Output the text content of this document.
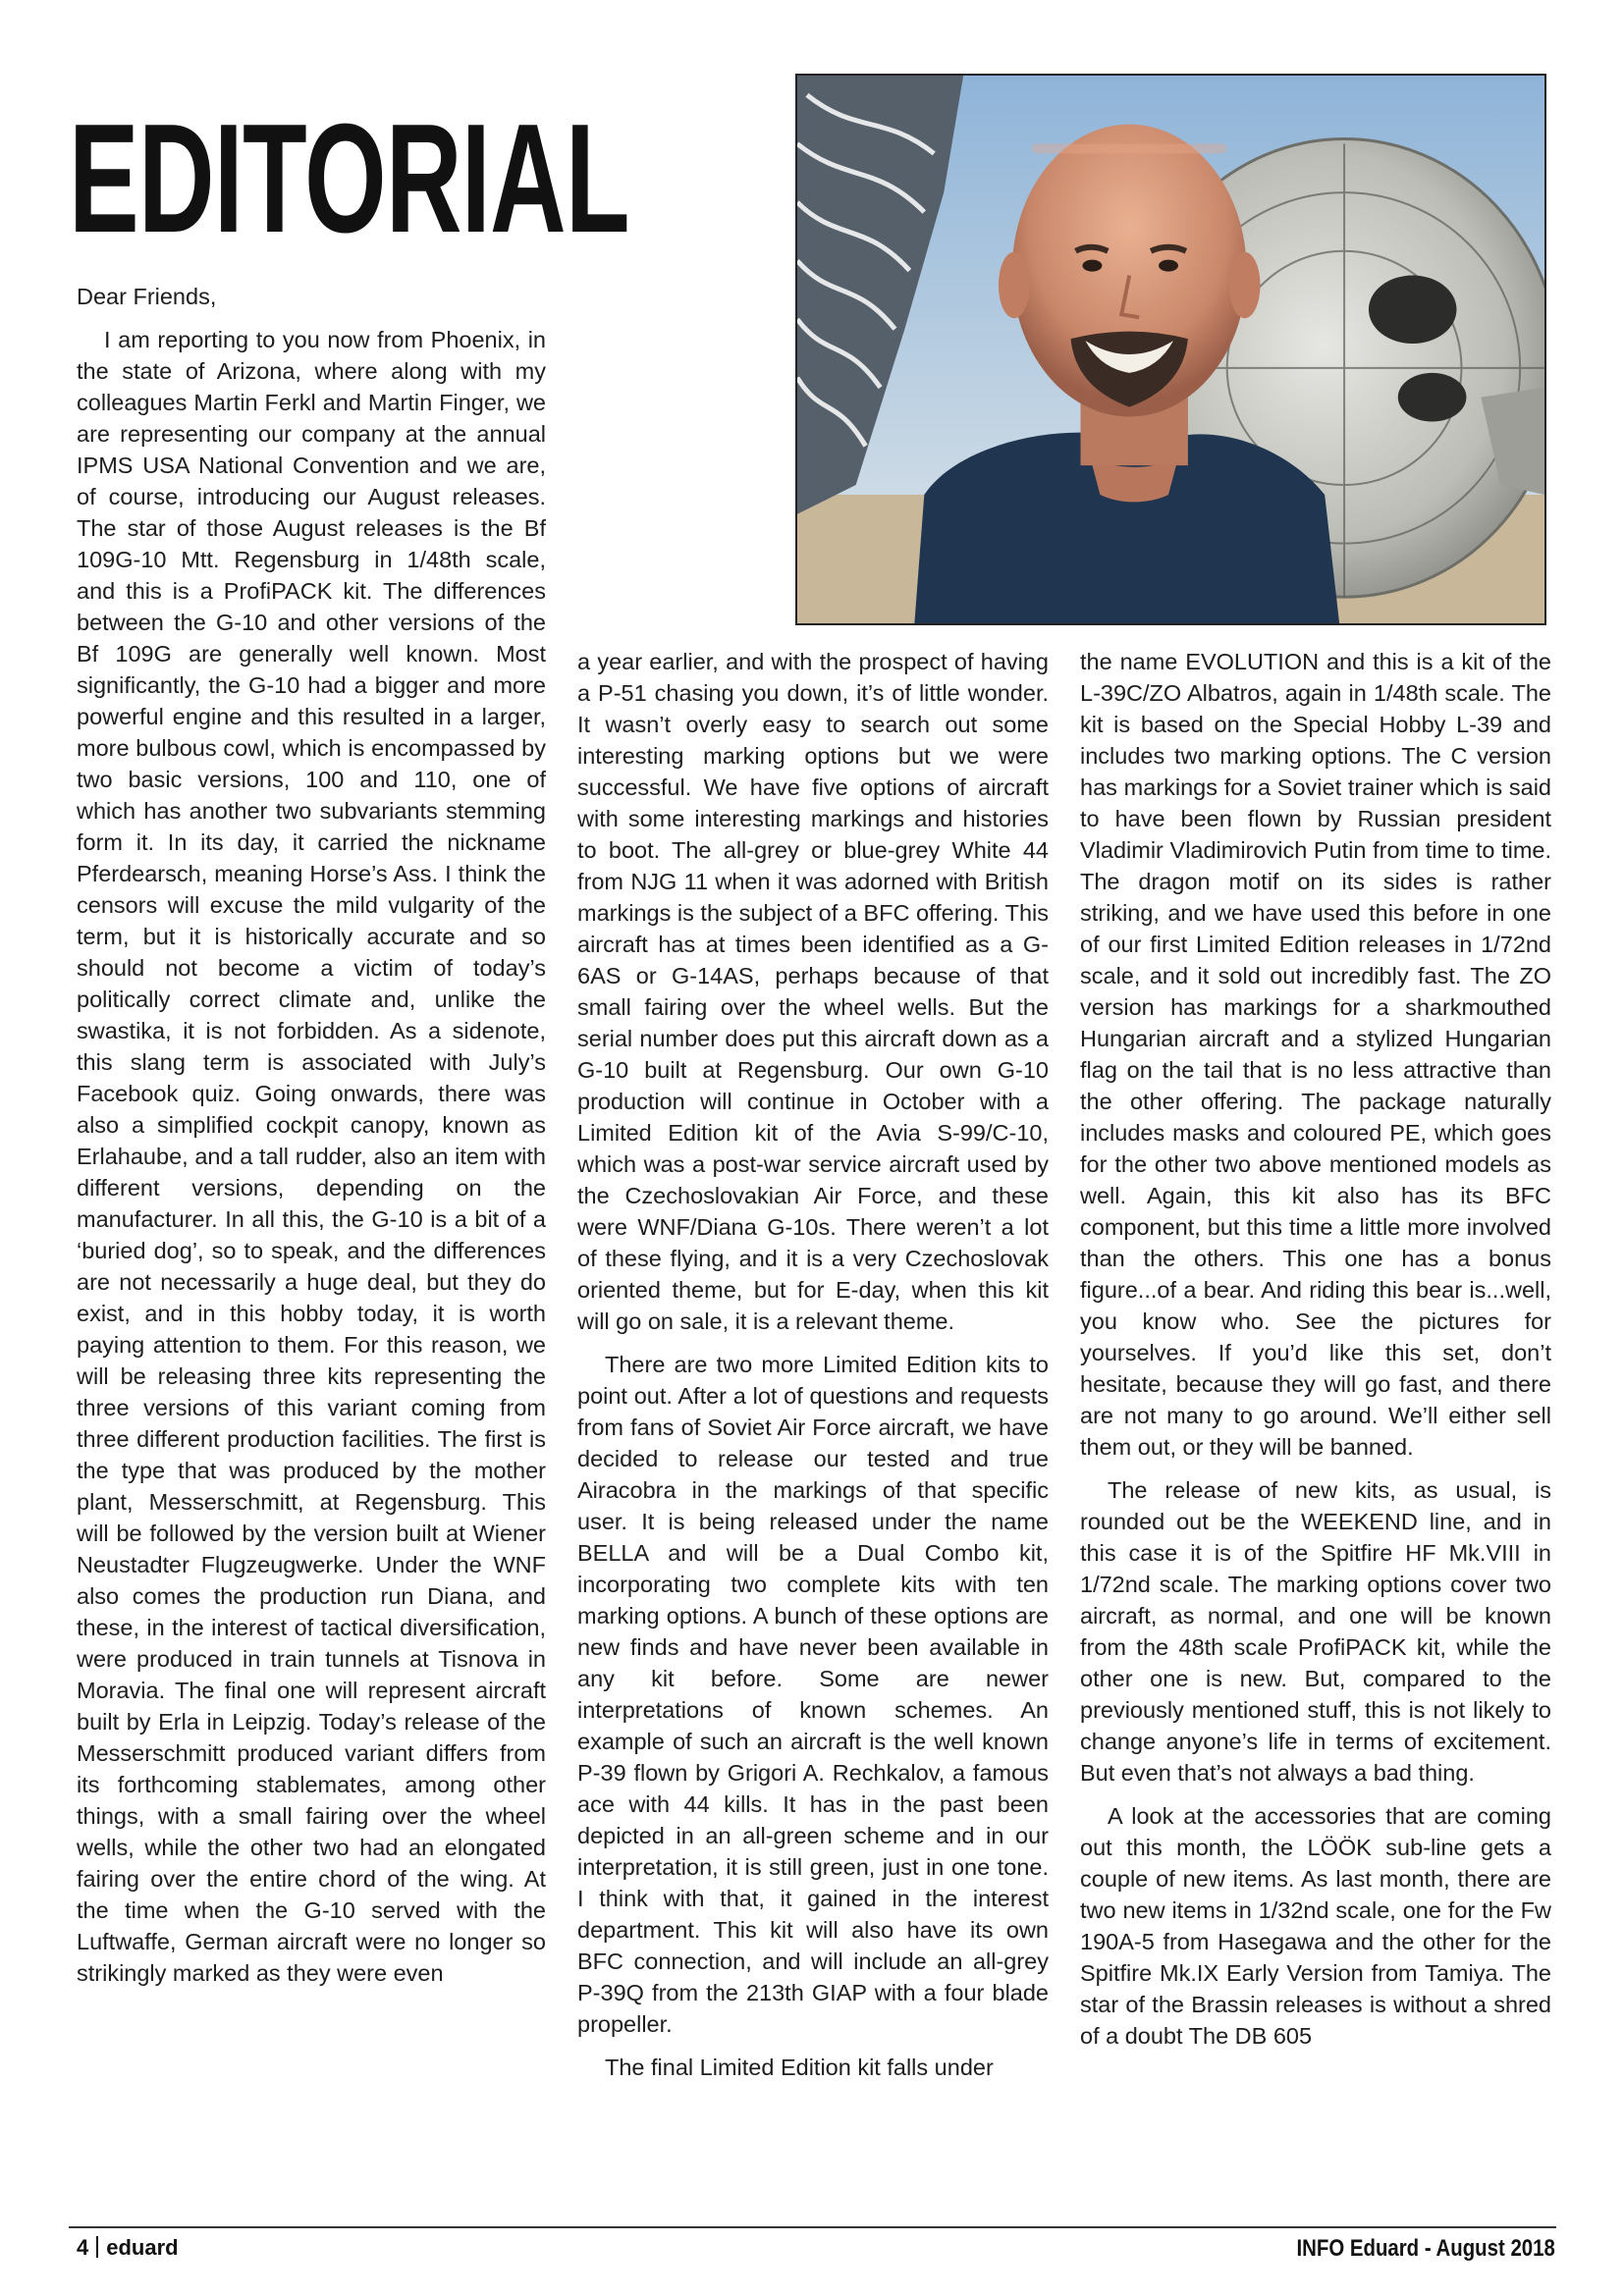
EDITORIAL

Dear Friends,

I am reporting to you now from Phoenix, in the state of Arizona, where along with my colleagues Martin Ferkl and Martin Finger, we are representing our company at the annual IPMS USA National Convention and we are, of course, introducing our August releases. The star of those August releases is the Bf 109G-10 Mtt. Regensburg in 1/48th scale, and this is a ProfiPACK kit. The differences between the G-10 and other versions of the Bf 109G are generally well known. Most significantly, the G-10 had a bigger and more powerful engine and this resulted in a larger, more bulbous cowl, which is encompassed by two basic versions, 100 and 110, one of which has another two subvariants stemming form it. In its day, it carried the nickname Pferdearsch, meaning Horse’s Ass. I think the censors will excuse the mild vulgarity of the term, but it is historically accurate and so should not become a victim of today’s politically correct climate and, unlike the swastika, it is not forbidden. As a sidenote, this slang term is associated with July’s Facebook quiz. Going onwards, there was also a simplified cockpit canopy, known as Erlahaube, and a tall rudder, also an item with different versions, depending on the manufacturer. In all this, the G-10 is a bit of a ‘buried dog’, so to speak, and the differences are not necessarily a huge deal, but they do exist, and in this hobby today, it is worth paying attention to them. For this reason, we will be releasing three kits representing the three versions of this variant coming from three different production facilities. The first is the type that was produced by the mother plant, Messerschmitt, at Regensburg. This will be followed by the version built at Wiener Neustadter Flugzeugwerke. Under the WNF also comes the production run Diana, and these, in the interest of tactical diversification, were produced in train tunnels at Tisnova in Moravia. The final one will represent aircraft built by Erla in Leipzig. Today’s release of the Messerschmitt produced variant differs from its forthcoming stablemates, among other things, with a small fairing over the wheel wells, while the other two had an elongated fairing over the entire chord of the wing. At the time when the G-10 served with the Luftwaffe, German aircraft were no longer so strikingly marked as they were even

a year earlier, and with the prospect of having a P-51 chasing you down, it’s of little wonder. It wasn’t overly easy to search out some interesting marking options but we were successful. We have five options of aircraft with some interesting markings and histories to boot. The all-grey or blue-grey White 44 from NJG 11 when it was adorned with British markings is the subject of a BFC offering. This aircraft has at times been identified as a G-6AS or G-14AS, perhaps because of that small fairing over the wheel wells. But the serial number does put this aircraft down as a G-10 built at Regensburg. Our own G-10 production will continue in October with a Limited Edition kit of the Avia S-99/C-10, which was a post-war service aircraft used by the Czechoslovakian Air Force, and these were WNF/Diana G-10s. There weren’t a lot of these flying, and it is a very Czechoslovak oriented theme, but for E-day, when this kit will go on sale, it is a relevant theme.

There are two more Limited Edition kits to point out. After a lot of questions and requests from fans of Soviet Air Force aircraft, we have decided to release our tested and true Airacobra in the markings of that specific user. It is being released under the name BELLA and will be a Dual Combo kit, incorporating two complete kits with ten marking options. A bunch of these options are new finds and have never been available in any kit before. Some are newer interpretations of known schemes. An example of such an aircraft is the well known P-39 flown by Grigori A. Rechkalov, a famous ace with 44 kills. It has in the past been depicted in an all-green scheme and in our interpretation, it is still green, just in one tone. I think with that, it gained in the interest department. This kit will also have its own BFC connection, and will include an all-grey P-39Q from the 213th GIAP with a four blade propeller.

The final Limited Edition kit falls under

the name EVOLUTION and this is a kit of the L-39C/ZO Albatros, again in 1/48th scale. The kit is based on the Special Hobby L-39 and includes two marking options. The C version has markings for a Soviet trainer which is said to have been flown by Russian president Vladimir Vladimirovich Putin from time to time. The dragon motif on its sides is rather striking, and we have used this before in one of our first Limited Edition releases in 1/72nd scale, and it sold out incredibly fast. The ZO version has markings for a sharkmouthed Hungarian aircraft and a stylized Hungarian flag on the tail that is no less attractive than the other offering. The package naturally includes masks and coloured PE, which goes for the other two above mentioned models as well. Again, this kit also has its BFC component, but this time a little more involved than the others. This one has a bonus figure...of a bear. And riding this bear is...well, you know who. See the pictures for yourselves. If you’d like this set, don’t hesitate, because they will go fast, and there are not many to go around. We’ll either sell them out, or they will be banned.

The release of new kits, as usual, is rounded out be the WEEKEND line, and in this case it is of the Spitfire HF Mk.VIII in 1/72nd scale. The marking options cover two aircraft, as normal, and one will be known from the 48th scale ProfiPACK kit, while the other one is new. But, compared to the previously mentioned stuff, this is not likely to change anyone’s life in terms of excitement. But even that’s not always a bad thing.

A look at the accessories that are coming out this month, the LÖÖK sub-line gets a couple of new items. As last month, there are two new items in 1/32nd scale, one for the Fw 190A-5 from Hasegawa and the other for the Spitfire Mk.IX Early Version from Tamiya. The star of the Brassin releases is without a shred of a doubt The DB 605

4 eduard	INFO Eduard - August 2018
